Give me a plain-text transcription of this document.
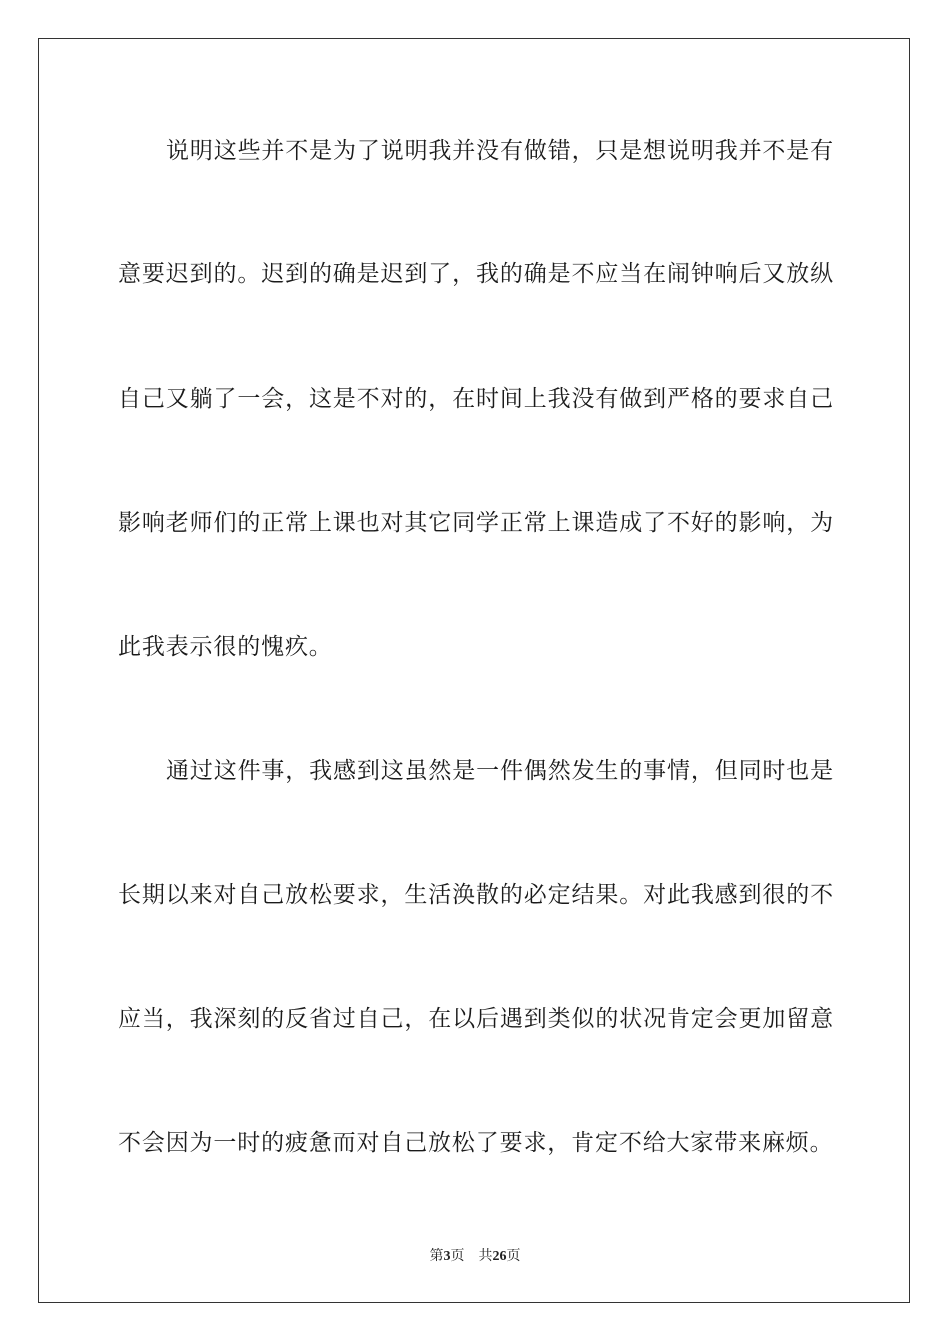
说明这些并不是为了说明我并没有做错，只是想说明我并不是有
意要迟到的。迟到的确是迟到了，我的确是不应当在闹钟响后又放纵
自己又躺了一会，这是不对的，在时间上我没有做到严格的要求自己
影响老师们的正常上课也对其它同学正常上课造成了不好的影响，为
此我表示很的愧疚。
通过这件事，我感到这虽然是一件偶然发生的事情，但同时也是
长期以来对自己放松要求，生活涣散的必定结果。对此我感到很的不
应当，我深刻的反省过自己，在以后遇到类似的状况肯定会更加留意
不会因为一时的疲惫而对自己放松了要求，肯定不给大家带来麻烦。
第3页 共26页
